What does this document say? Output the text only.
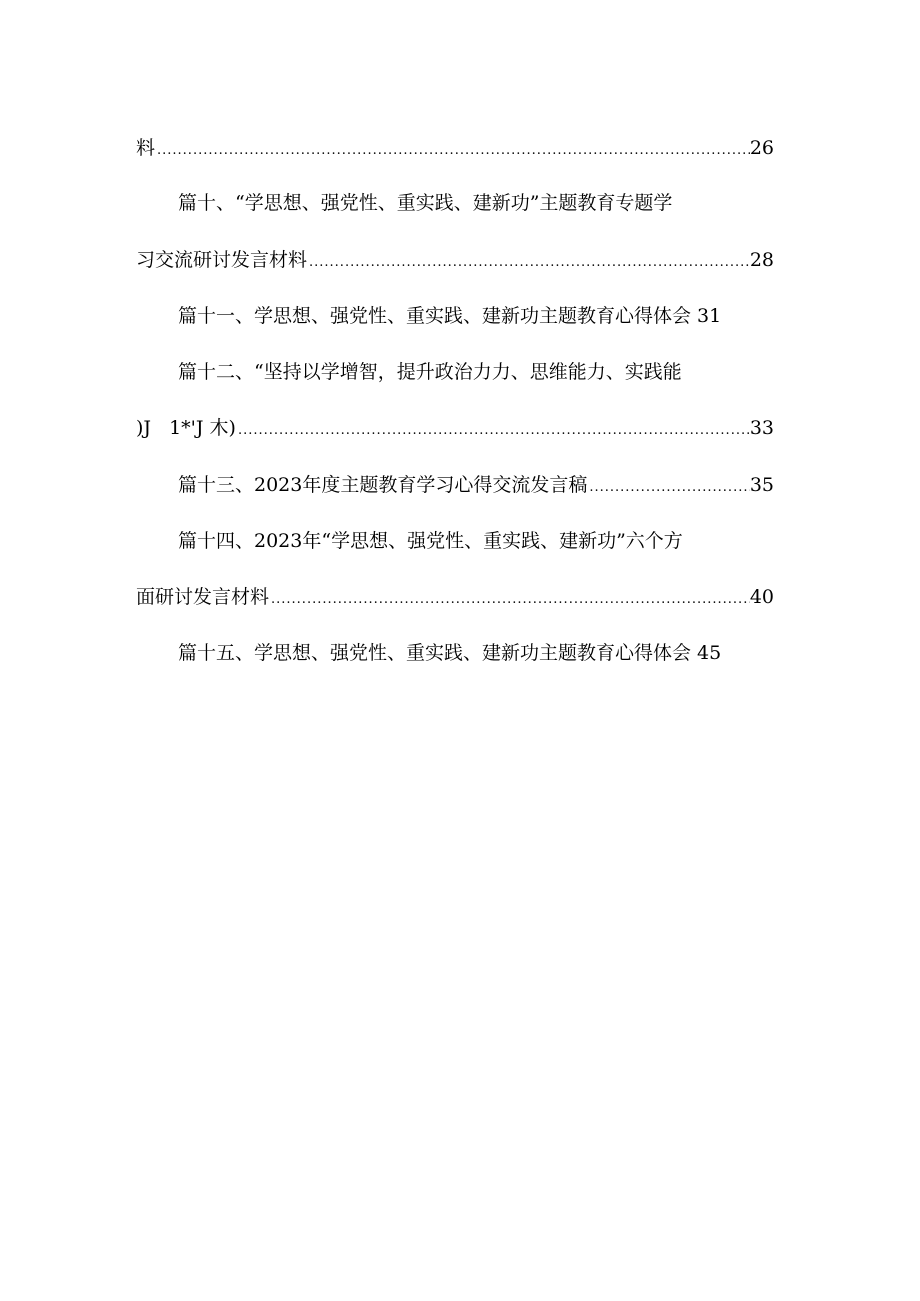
料 .....	26
篇十、“学思想、强党性、重实践、建新功”主题教育专题学
习交流研讨发言材料 .....	28
篇十一、学思想、强党性、重实践、建新功主题教育心得体会 31
篇十二、“坚持以学增智，提升政治力力、思维能力、实践能
)J 1*'J 木) .....	33
篇十三、2023年度主题教育学习心得交流发言稿 .....	35
篇十四、2023年“学思想、强党性、重实践、建新功”六个方
面研讨发言材料 .....	40
篇十五、学思想、强党性、重实践、建新功主题教育心得体会 45
